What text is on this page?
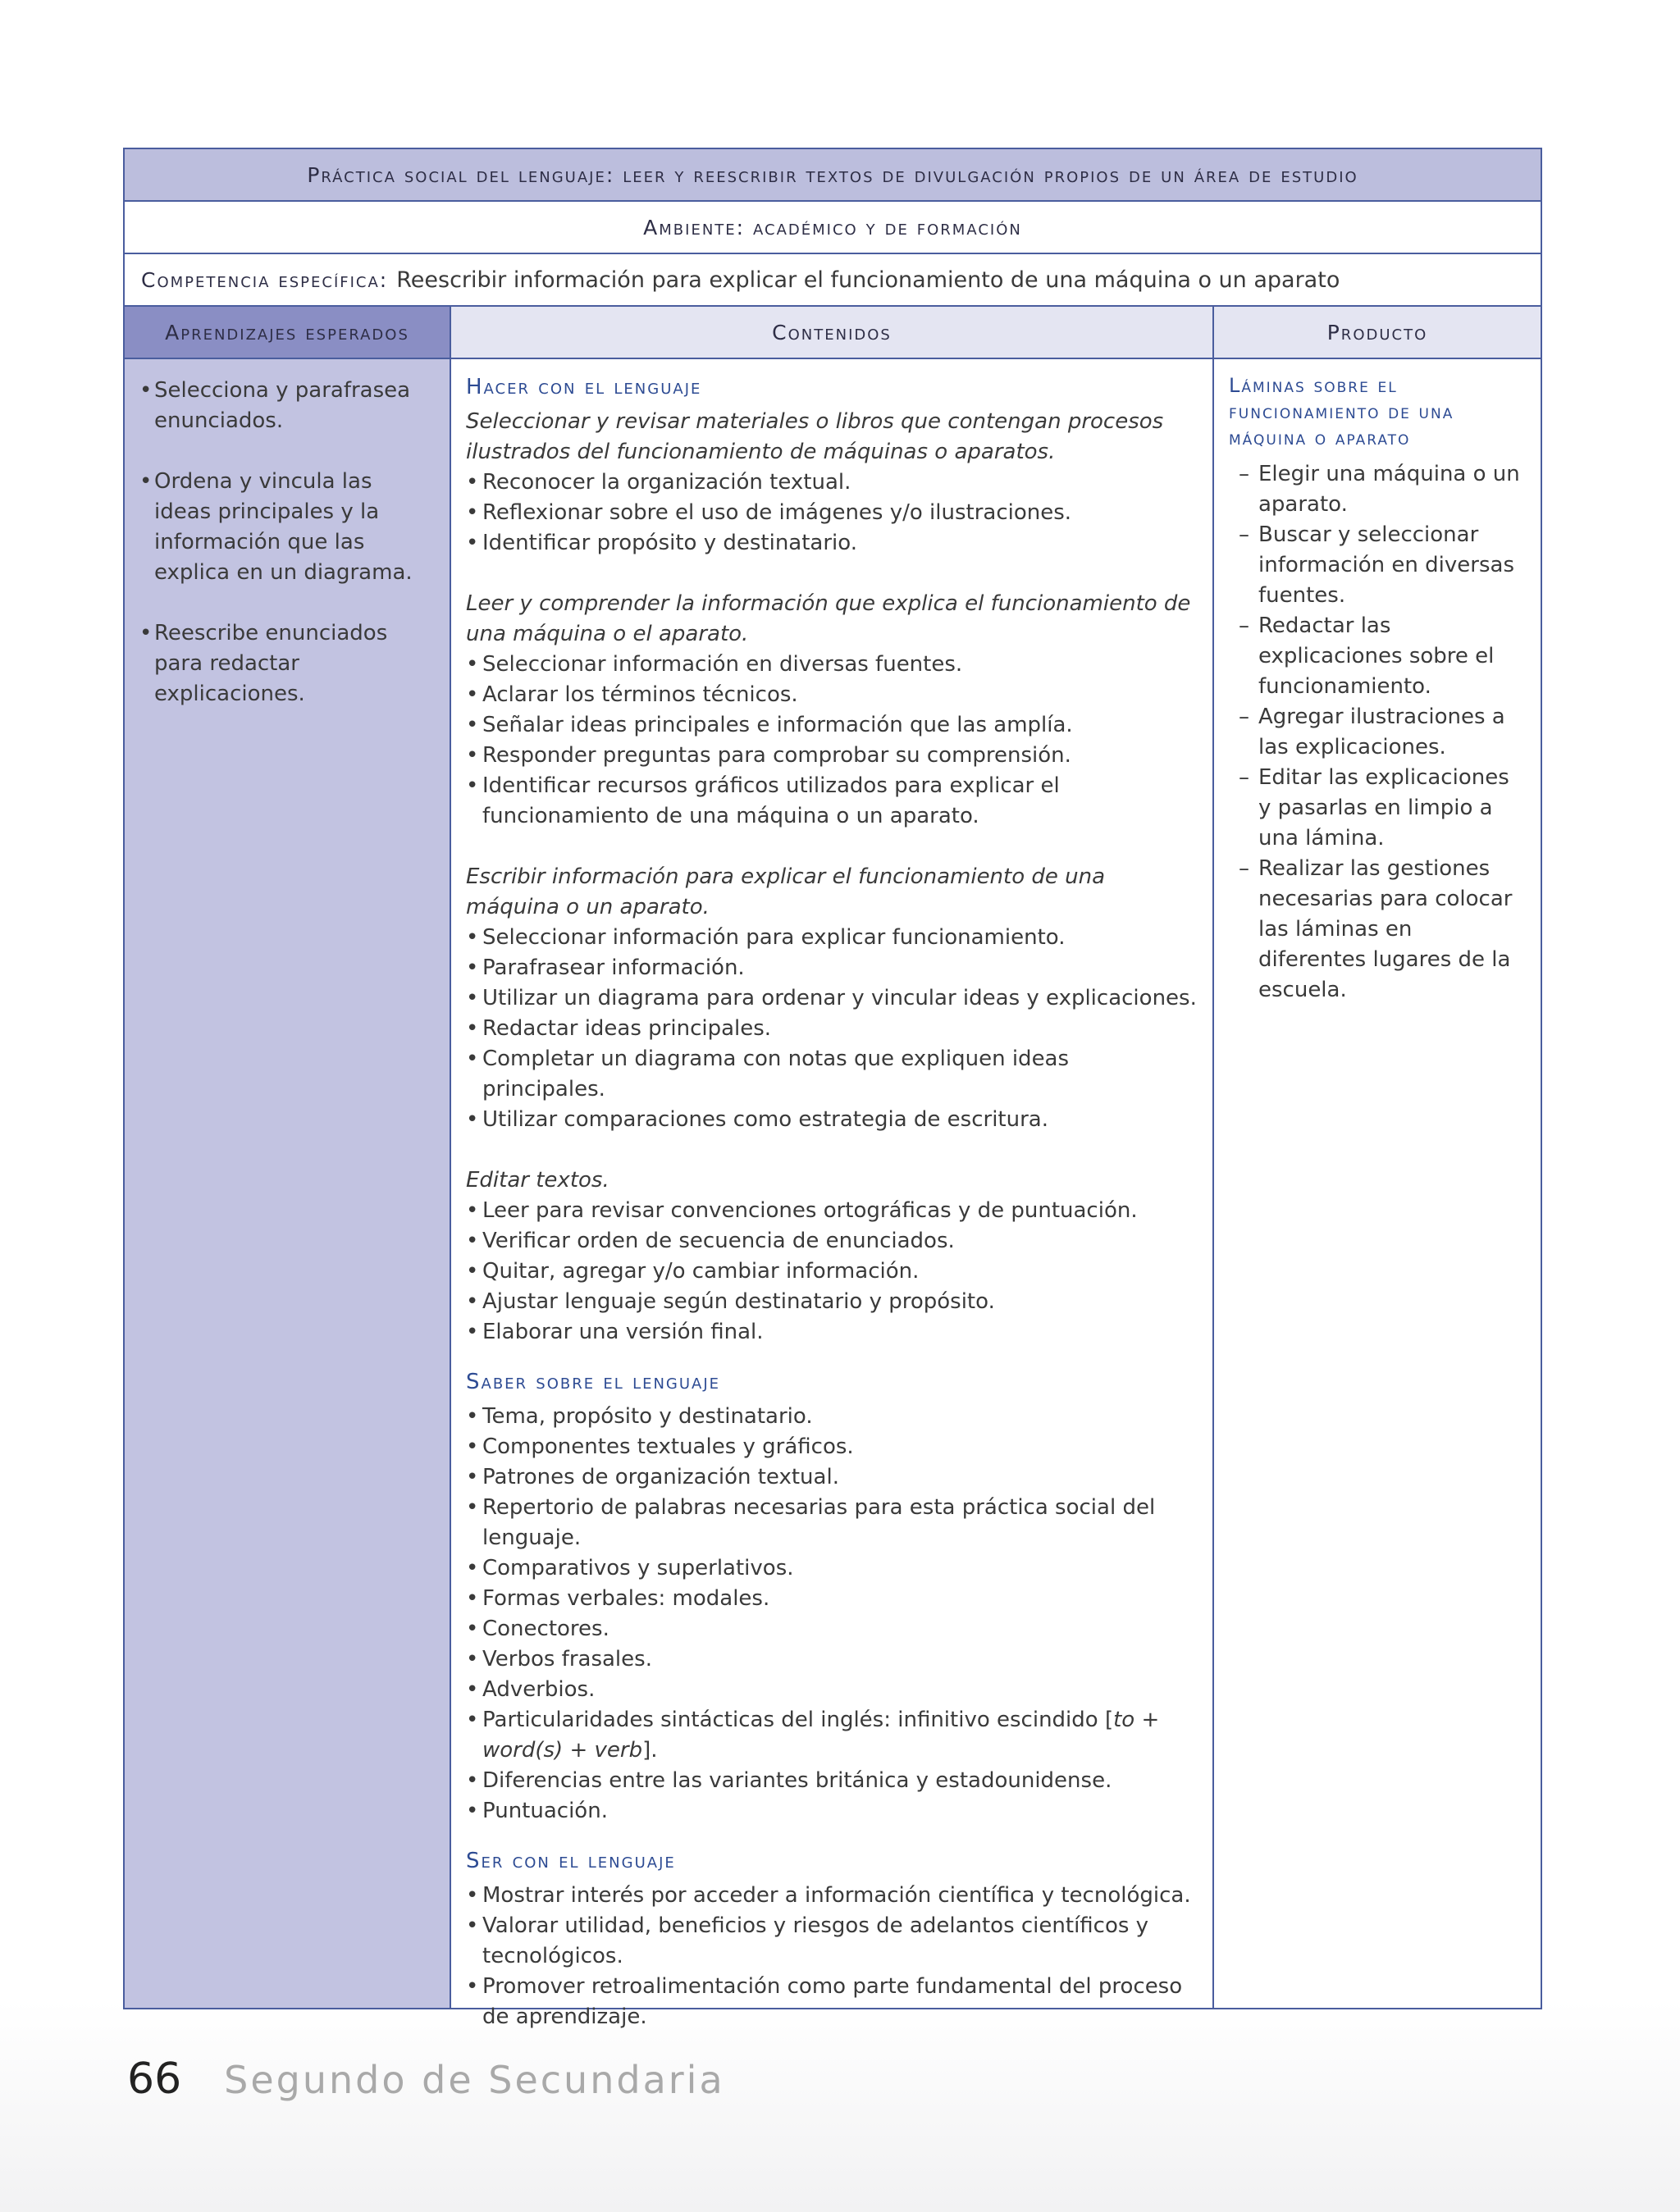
Práctica social del lenguaje: leer y reescribir textos de divulgación propios de un área de estudio
Ambiente: académico y de formación
Competencia específica: Reescribir información para explicar el funcionamiento de una máquina o un aparato
Aprendizajes esperados	Contenidos	Producto
• Selecciona y parafrasea enunciados.
• Ordena y vincula las ideas principales y la información que las explica en un diagrama.
• Reescribe enunciados para redactar explicaciones.
Hacer con el lenguaje
Seleccionar y revisar materiales o libros que contengan procesos ilustrados del funcionamiento de máquinas o aparatos.
• Reconocer la organización textual.
• Reflexionar sobre el uso de imágenes y/o ilustraciones.
• Identificar propósito y destinatario.
Leer y comprender la información que explica el funcionamiento de una máquina o el aparato.
• Seleccionar información en diversas fuentes.
• Aclarar los términos técnicos.
• Señalar ideas principales e información que las amplía.
• Responder preguntas para comprobar su comprensión.
• Identificar recursos gráficos utilizados para explicar el funcionamiento de una máquina o un aparato.
Escribir información para explicar el funcionamiento de una máquina o un aparato.
• Seleccionar información para explicar funcionamiento.
• Parafrasear información.
• Utilizar un diagrama para ordenar y vincular ideas y explicaciones.
• Redactar ideas principales.
• Completar un diagrama con notas que expliquen ideas principales.
• Utilizar comparaciones como estrategia de escritura.
Editar textos.
• Leer para revisar convenciones ortográficas y de puntuación.
• Verificar orden de secuencia de enunciados.
• Quitar, agregar y/o cambiar información.
• Ajustar lenguaje según destinatario y propósito.
• Elaborar una versión final.
Saber sobre el lenguaje
• Tema, propósito y destinatario.
• Componentes textuales y gráficos.
• Patrones de organización textual.
• Repertorio de palabras necesarias para esta práctica social del lenguaje.
• Comparativos y superlativos.
• Formas verbales: modales.
• Conectores.
• Verbos frasales.
• Adverbios.
• Particularidades sintácticas del inglés: infinitivo escindido [to + word(s) + verb].
• Diferencias entre las variantes británica y estadounidense.
• Puntuación.
Ser con el lenguaje
• Mostrar interés por acceder a información científica y tecnológica.
• Valorar utilidad, beneficios y riesgos de adelantos científicos y tecnológicos.
• Promover retroalimentación como parte fundamental del proceso de aprendizaje.
Láminas sobre el funcionamiento de una máquina o aparato
– Elegir una máquina o un aparato.
– Buscar y seleccionar información en diversas fuentes.
– Redactar las explicaciones sobre el funcionamiento.
– Agregar ilustraciones a las explicaciones.
– Editar las explicaciones y pasarlas en limpio a una lámina.
– Realizar las gestiones necesarias para colocar las láminas en diferentes lugares de la escuela.
66 Segundo de Secundaria
